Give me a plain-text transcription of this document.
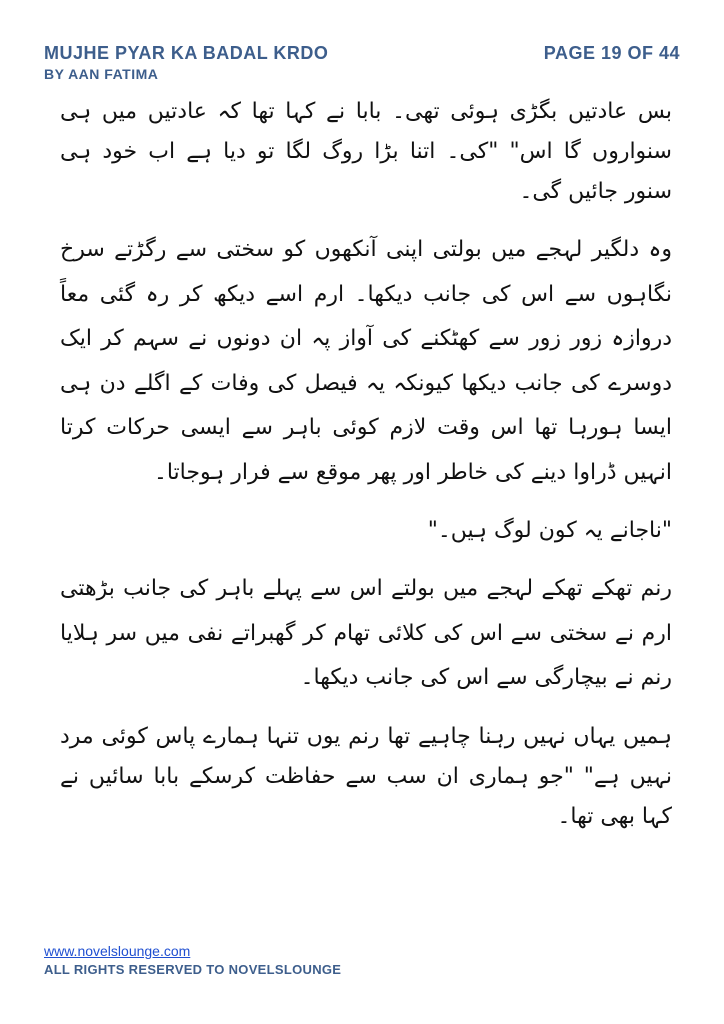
MUJHE PYAR KA BADAL KRDO
BY AAN FATIMA
PAGE 19 OF 44

بس عادتیں بگڑی ہوئی تھی۔ بابا نے کہا تھا کہ عادتیں میں ہی سنواروں گا اس" "کی۔ اتنا بڑا روگ لگا تو دیا ہے اب خود ہی سنور جائیں گی۔

وہ دلگیر لہجے میں بولتی اپنی آنکھوں کو سختی سے رگڑتے سرخ نگاہوں سے اس کی جانب دیکھا۔ ارم اسے دیکھ کر رہ گئی معاً دروازہ زور زور سے کھٹکنے کی آواز پہ ان دونوں نے سہم کر ایک دوسرے کی جانب دیکھا کیونکہ یہ فیصل کی وفات کے اگلے دن ہی ایسا ہورہا تھا اس وقت لازم کوئی باہر سے ایسی حرکات کرتا انہیں ڈراوا دینے کی خاطر اور پھر موقع سے فرار ہوجاتا۔

"ناجانے یہ کون لوگ ہیں۔"

رنم تھکے تھکے لہجے میں بولتے اس سے پہلے باہر کی جانب بڑھتی ارم نے سختی سے اس کی کلائی تھام کر گھبراتے نفی میں سر ہلایا رنم نے بیچارگی سے اس کی جانب دیکھا۔

ہمیں یہاں نہیں رہنا چاہیے تھا رنم یوں تنہا ہمارے پاس کوئی مرد نہیں ہے" "جو ہماری ان سب سے حفاظت کرسکے بابا سائیں نے کہا بھی تھا۔

www.novelslounge.com
ALL RIGHTS RESERVED TO NOVELSLOUNGE
